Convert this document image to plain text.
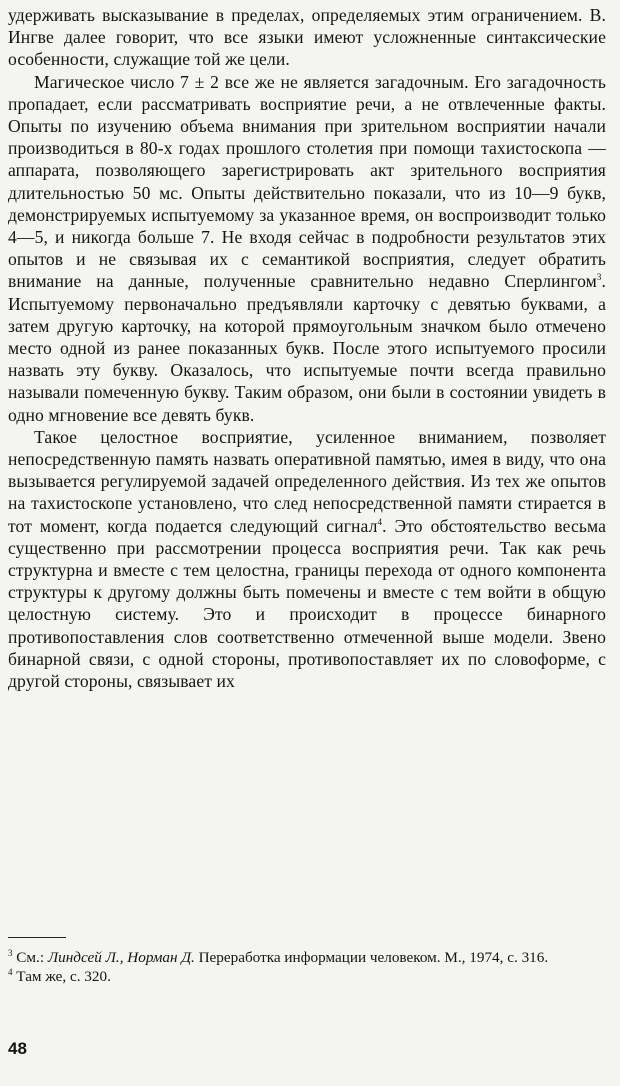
удерживать высказывание в пределах, определяемых этим ограничением. В. Ингве далее говорит, что все языки имеют усложненные синтаксические особенности, служащие той же цели.

Магическое число 7 ± 2 все же не является загадочным. Его загадочность пропадает, если рассматривать восприятие речи, а не отвлеченные факты. Опыты по изучению объема внимания при зрительном восприятии начали производиться в 80-х годах прошлого столетия при помощи тахистоскопа — аппарата, позволяющего зарегистрировать акт зрительного восприятия длительностью 50 мс. Опыты действительно показали, что из 10—9 букв, демонстрируемых испытуемому за указанное время, он воспроизводит только 4—5, и никогда больше 7. Не входя сейчас в подробности результатов этих опытов и не связывая их с семантикой восприятия, следует обратить внимание на данные, полученные сравнительно недавно Сперлингом$^3$. Испытуемому первоначально предъявляли карточку с девятью буквами, а затем другую карточку, на которой прямоугольным значком было отмечено место одной из ранее показанных букв. После этого испытуемого просили назвать эту букву. Оказалось, что испытуемые почти всегда правильно называли помеченную букву. Таким образом, они были в состоянии увидеть в одно мгновение все девять букв.

Такое целостное восприятие, усиленное вниманием, позволяет непосредственную память назвать оперативной памятью, имея в виду, что она вызывается регулируемой задачей определенного действия. Из тех же опытов на тахистоскопе установлено, что след непосредственной памяти стирается в тот момент, когда подается следующий сигнал$^4$. Это обстоятельство весьма существенно при рассмотрении процесса восприятия речи. Так как речь структурна и вместе с тем целостна, границы перехода от одного компонента структуры к другому должны быть помечены и вместе с тем войти в общую целостную систему. Это и происходит в процессе бинарного противопоставления слов соответственно отмеченной выше модели. Звено бинарной связи, с одной стороны, противопоставляет их по словоформе, с другой стороны, связывает их

$^3$ См.: Линдсей Л., Норман Д. Переработка информации человеком. М., 1974, с. 316.

$^4$ Там же, с. 320.

48
